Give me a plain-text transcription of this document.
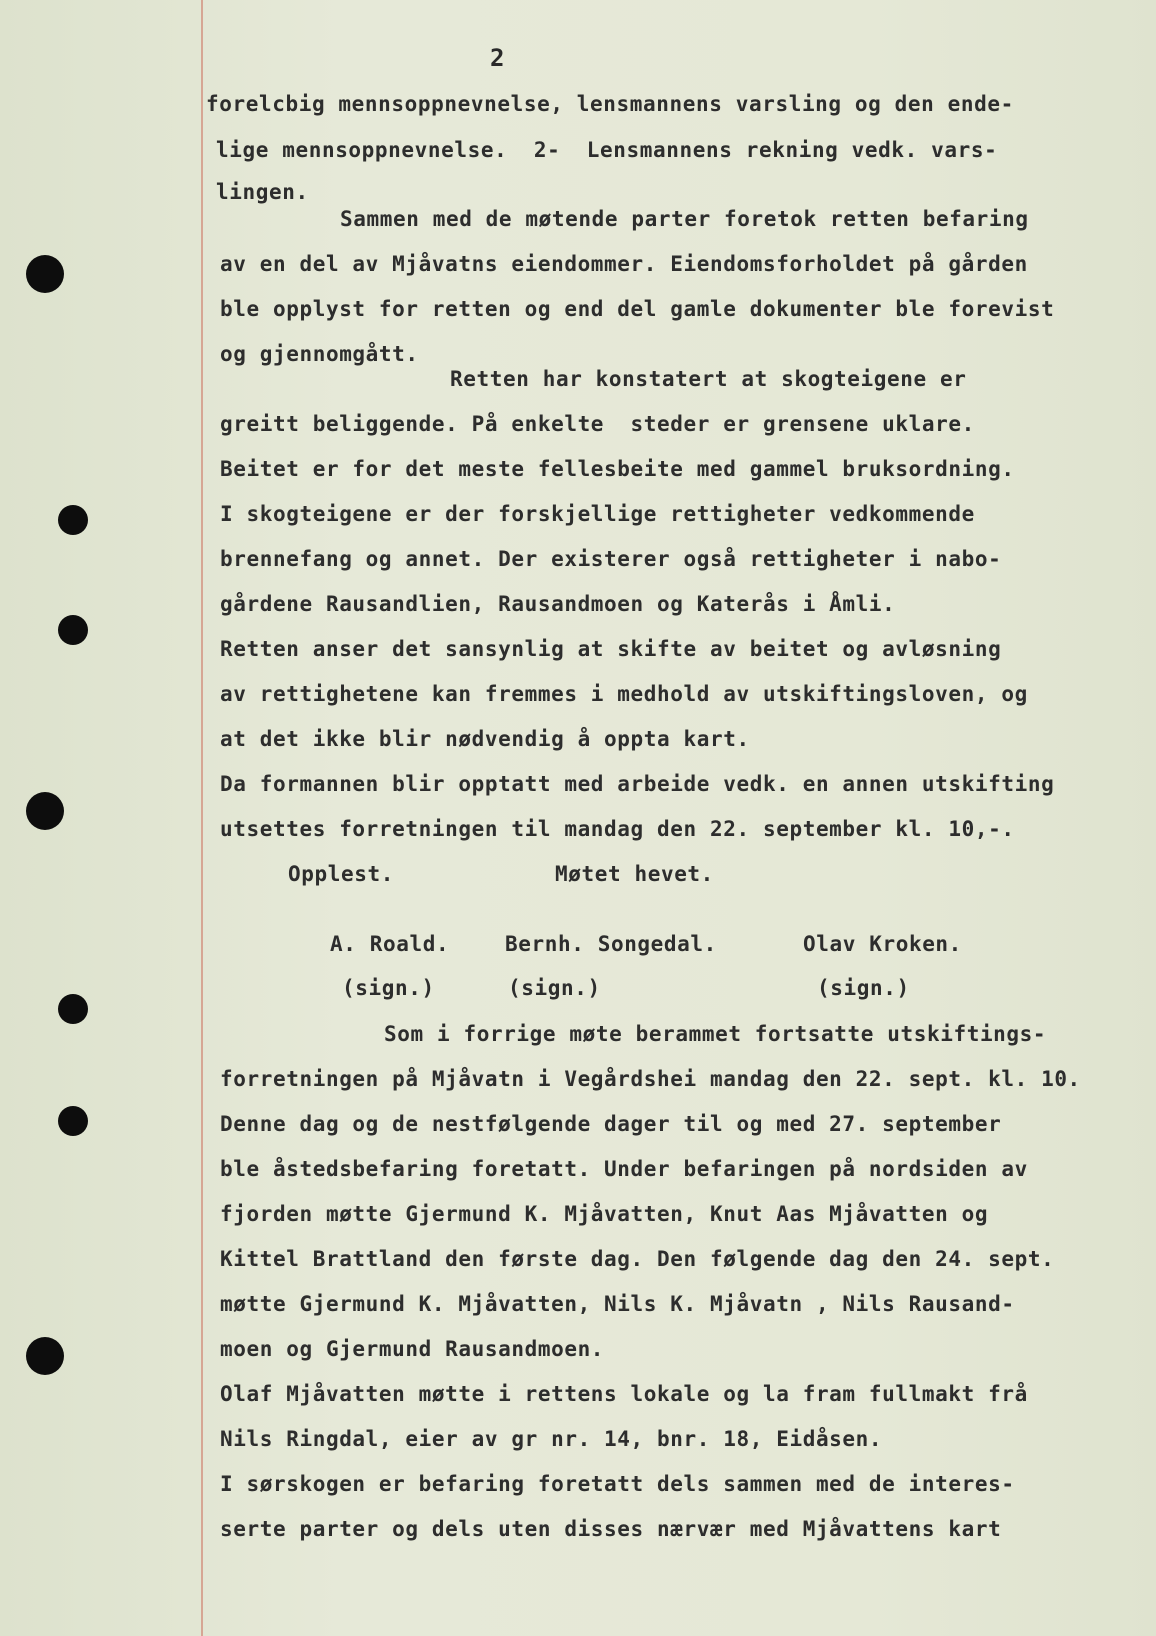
2
forelcbig mennsoppnevnelse, lensmannens varsling og den ende-
lige mennsoppnevnelse.  2-  Lensmannens rekning vedk. vars-
lingen.
Sammen med de møtende parter foretok retten befaring
av en del av Mjåvatns eiendommer. Eiendomsforholdet på gården
ble opplyst for retten og end del gamle dokumenter ble forevist
og gjennomgått.
Retten har konstatert at skogteigene er
greitt beliggende. På enkelte  steder er grensene uklare.
Beitet er for det meste fellesbeite med gammel bruksordning.
I skogteigene er der forskjellige rettigheter vedkommende
brennefang og annet. Der existerer også rettigheter i nabo-
gårdene Rausandlien, Rausandmoen og Katerås i Åmli.
Retten anser det sansynlig at skifte av beitet og avløsning
av rettighetene kan fremmes i medhold av utskiftingsloven, og
at det ikke blir nødvendig å oppta kart.
Da formannen blir opptatt med arbeide vedk. en annen utskifting
utsettes forretningen til mandag den 22. september kl. 10,-.
Opplest.	Møtet hevet.
A. Roald.	Bernh. Songedal.	Olav Kroken.
(sign.)	(sign.)	(sign.)
Som i forrige møte berammet fortsatte utskiftings-
forretningen på Mjåvatn i Vegårdshei mandag den 22. sept. kl. 10.
Denne dag og de nestfølgende dager til og med 27. september
ble åstedsbefaring foretatt. Under befaringen på nordsiden av
fjorden møtte Gjermund K. Mjåvatten, Knut Aas Mjåvatten og
Kittel Brattland den første dag. Den følgende dag den 24. sept.
møtte Gjermund K. Mjåvatten, Nils K. Mjåvatn , Nils Rausand-
moen og Gjermund Rausandmoen.
Olaf Mjåvatten møtte i rettens lokale og la fram fullmakt frå
Nils Ringdal, eier av gr nr. 14, bnr. 18, Eidåsen.
I sørskogen er befaring foretatt dels sammen med de interes-
serte parter og dels uten disses nærvær med Mjåvattens kart
